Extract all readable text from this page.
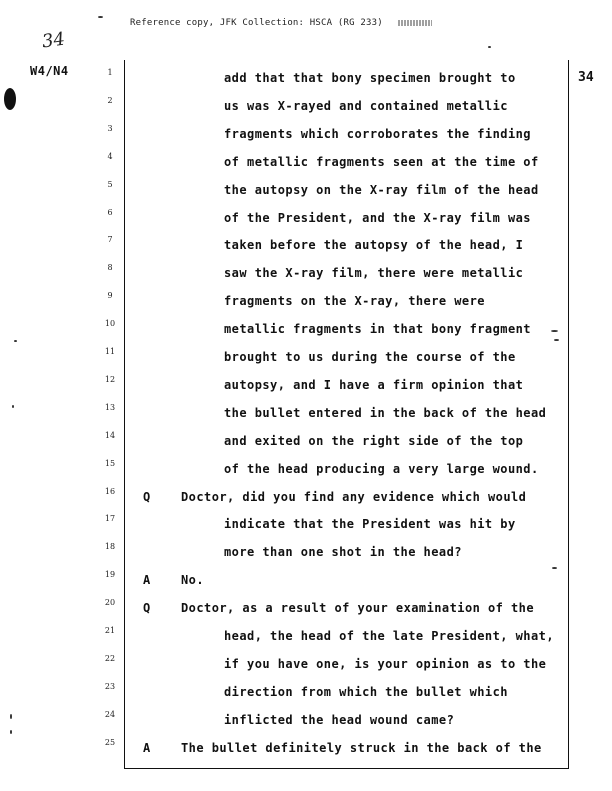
Reference copy, JFK Collection: HSCA (RG 233)
34
W4/N4	34
1	add that that bony specimen brought to
2	us was X-rayed and contained metallic
3	fragments which corroborates the finding
4	of metallic fragments seen at the time of
5	the autopsy on the X-ray film of the head
6	of the President, and the X-ray film was
7	taken before the autopsy of the head, I
8	saw the X-ray film, there were metallic
9	fragments on the X-ray, there were
10	metallic fragments in that bony fragment
11	brought to us during the course of the
12	autopsy, and I have a firm opinion that
13	the bullet entered in the back of the head
14	and exited on the right side of the top
15	of the head producing a very large wound.
16	Q	Doctor, did you find any evidence which would
17	indicate that the President was hit by
18	more than one shot in the head?
19	A	No.
20	Q	Doctor, as a result of your examination of the
21	head, the head of the late President, what,
22	if you have one, is your opinion as to the
23	direction from which the bullet which
24	inflicted the head wound came?
25	A	The bullet definitely struck in the back of the
